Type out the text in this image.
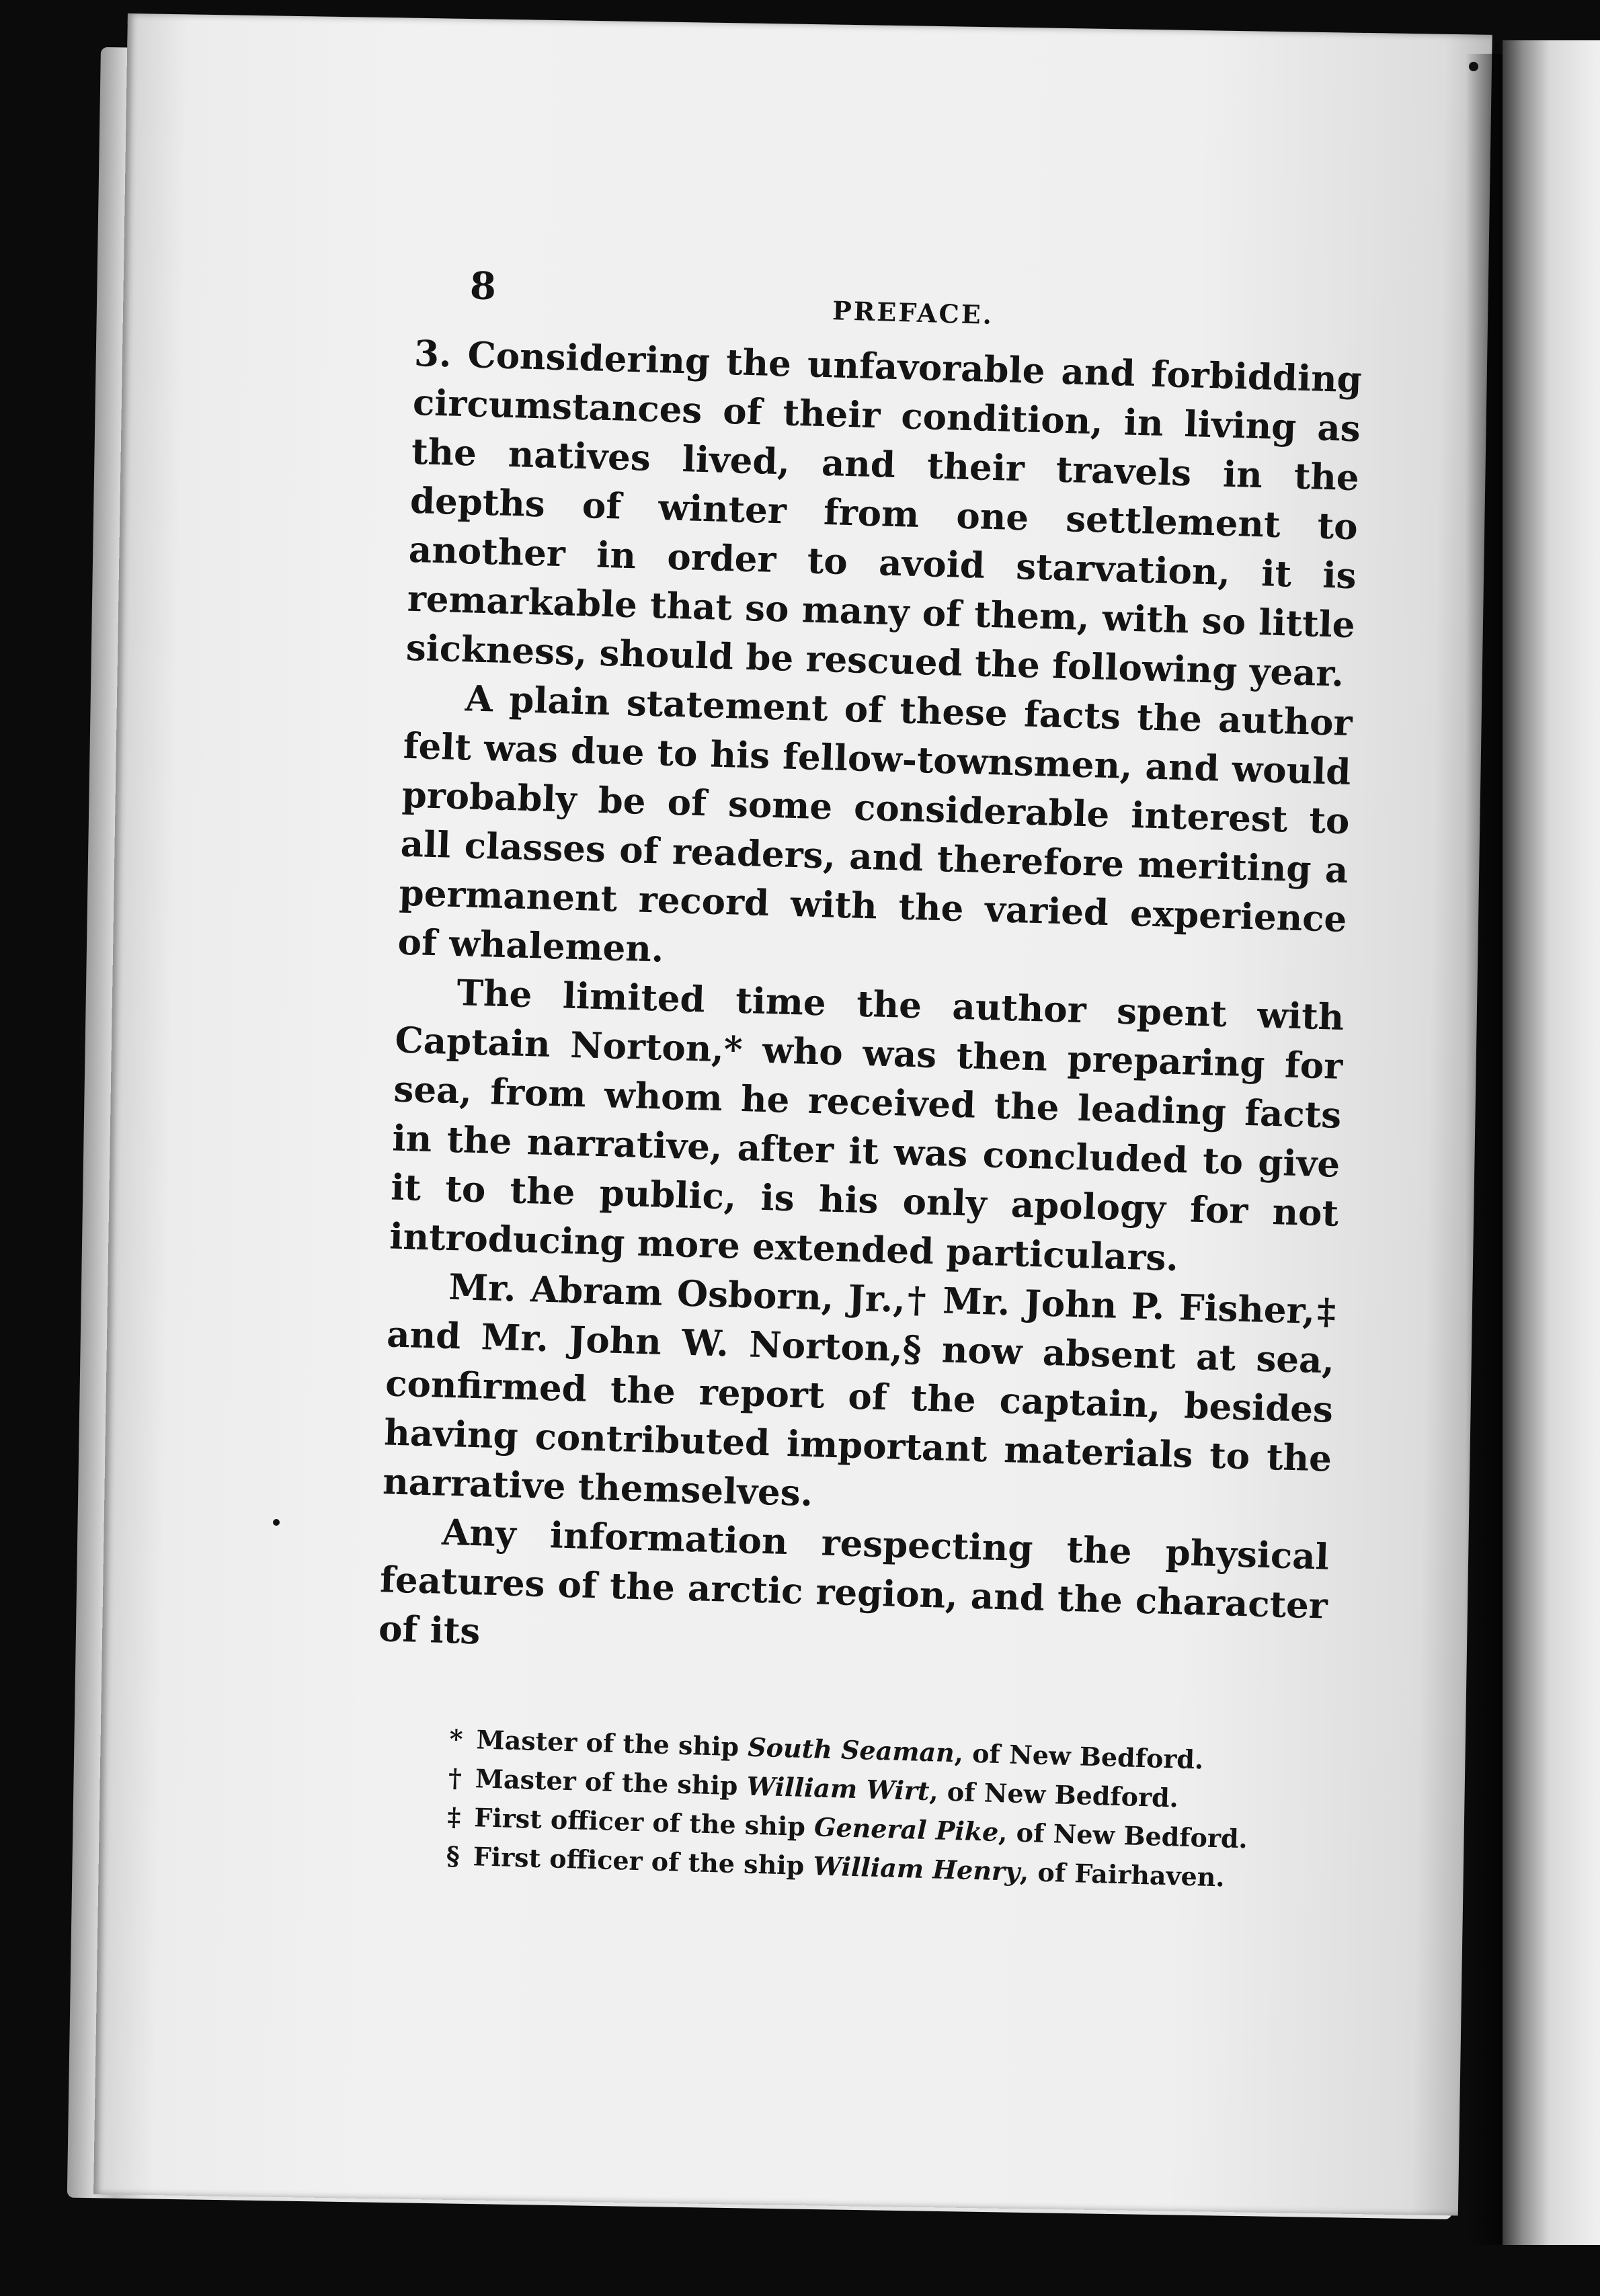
8
PREFACE.

3. Considering the unfavorable and forbidding circumstances of their condition, in living as the natives lived, and their travels in the depths of winter from one settlement to another in order to avoid starvation, it is remarkable that so many of them, with so little sickness, should be rescued the following year.

A plain statement of these facts the author felt was due to his fellow-townsmen, and would probably be of some considerable interest to all classes of readers, and therefore meriting a permanent record with the varied experience of whalemen.

The limited time the author spent with Captain Norton,* who was then preparing for sea, from whom he received the leading facts in the narrative, after it was concluded to give it to the public, is his only apology for not introducing more extended particulars.

Mr. Abram Osborn, Jr.,† Mr. John P. Fisher,‡ and Mr. John W. Norton,§ now absent at sea, confirmed the report of the captain, besides having contributed important materials to the narrative themselves.

Any information respecting the physical features of the arctic region, and the character of its

* Master of the ship South Seaman, of New Bedford.
† Master of the ship William Wirt, of New Bedford.
‡ First officer of the ship General Pike, of New Bedford.
§ First officer of the ship William Henry, of Fairhaven.
